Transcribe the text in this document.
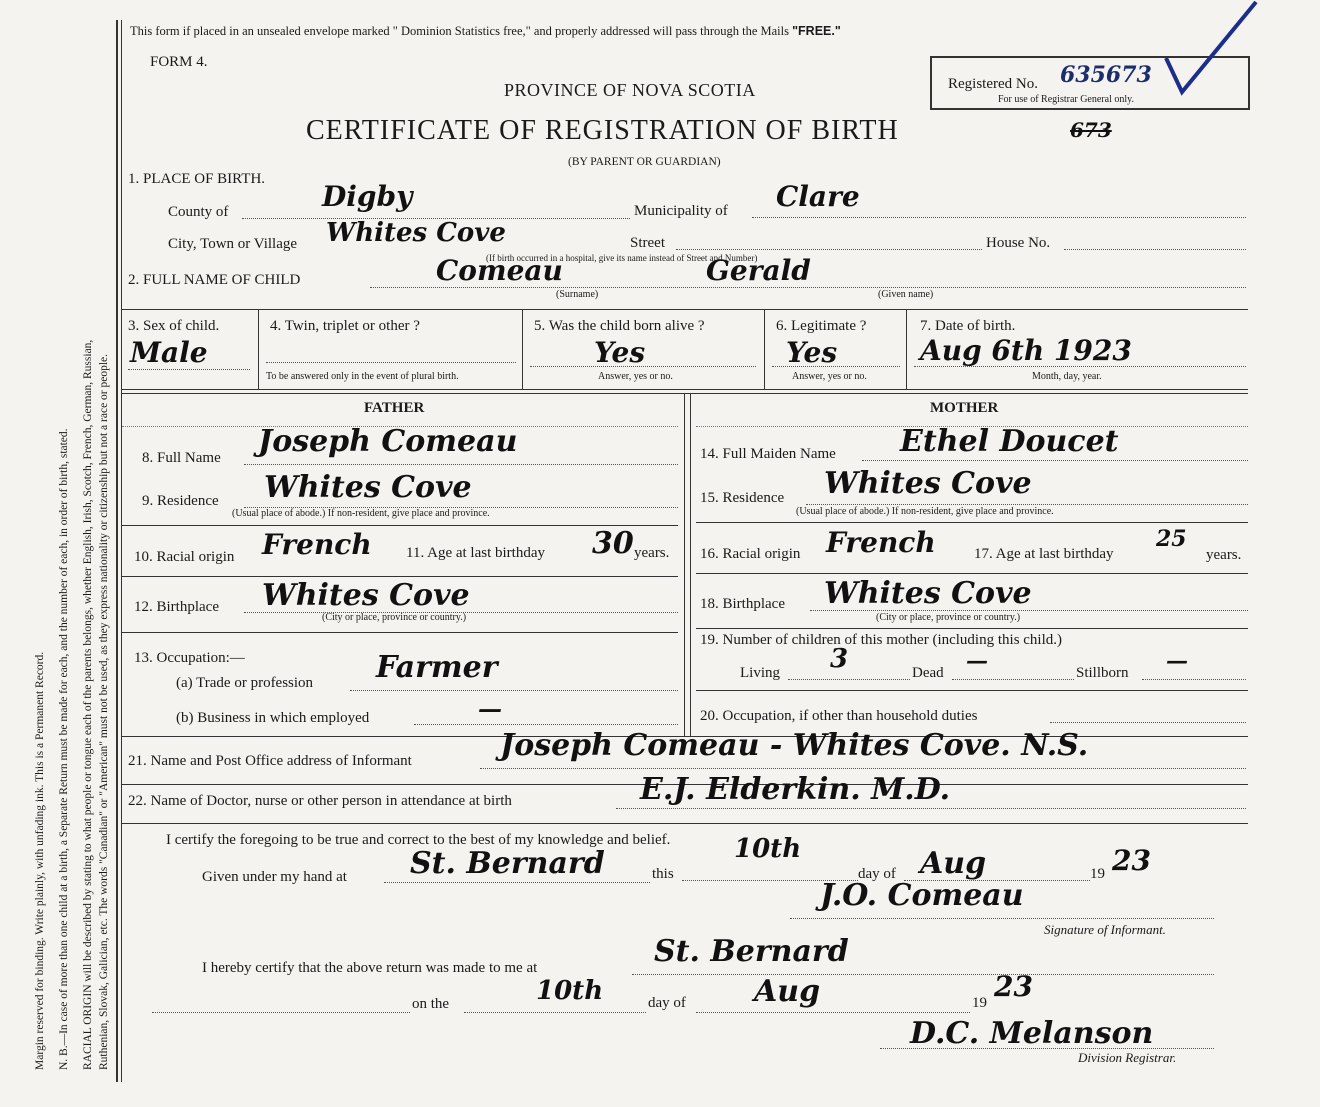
Margin reserved for binding. Write plainly, with unfading ink. This is a Permanent Record. N. B.—In case of more than one child at a birth, a Separate Return must be made for each, and the number of each, in order of birth, stated. RACIAL ORIGIN will be described by stating to what people or tongue each of the parents belongs, whether English, Irish, Scotch, French, German, Russian, Ruthenian, Slovak, Galician, etc. The words "Canadian" or "American" must not be used, as they express nationality or citizenship but not a race or people.
This form if placed in an unsealed envelope marked " Dominion Statistics free," and properly addressed will pass through the Mails "FREE."
FORM 4.
PROVINCE OF NOVA SCOTIA	Registered No. 635673
For use of Registrar General only.
CERTIFICATE OF REGISTRATION OF BIRTH	673
(BY PARENT OR GUARDIAN)
1. PLACE OF BIRTH.
County of	Digby	Municipality of Clare
City, Town or Village Whites Cove	Street	House No.
(If birth occurred in a hospital, give its name instead of Street and Number)
2. FULL NAME OF CHILD	Comeau	Gerald
(Surname)	(Given name)
3. Sex of child.
Male
4. Twin, triplet or other ?
To be answered only in the event of plural birth.
5. Was the child born alive ?
Yes
Answer, yes or no.
6. Legitimate ?
Yes
Answer, yes or no.
7. Date of birth.
Aug 6th 1923
Month, day, year.
FATHER	MOTHER
8. Full Name Joseph Comeau
9. Residence Whites Cove
(Usual place of abode.) If non-resident, give place and province.
10. Racial origin French 11. Age at last birthday 30 years.
12. Birthplace Whites Cove
(City or place, province or country.)
13. Occupation:—
(a) Trade or profession Farmer
(b) Business in which employed	—
14. Full Maiden Name Ethel Doucet
15. Residence Whites Cove
(Usual place of abode.) If non-resident, give place and province.
16. Racial origin French	17. Age at last birthday
25
years.
18. Birthplace Whites Cove
(City or place, province or country.)
19. Number of children of this mother (including this child.)
Living 3	Dead —	Stillborn —
20. Occupation, if other than household duties
21. Name and Post Office address of Informant	Joseph Comeau - Whites Cove. N.S.
22. Name of Doctor, nurse or other person in attendance at birth	E.J. Elderkin. M.D.
I certify the foregoing to be true and correct to the best of my knowledge and belief.
Given under my hand at St. Bernard	this
10th
day of Aug	19 23
J.O. Comeau
Signature of Informant.
I hereby certify that the above return was made to me at	St. Bernard
on the	10th	day of Aug	19 23
D.C. Melanson
Division Registrar.
